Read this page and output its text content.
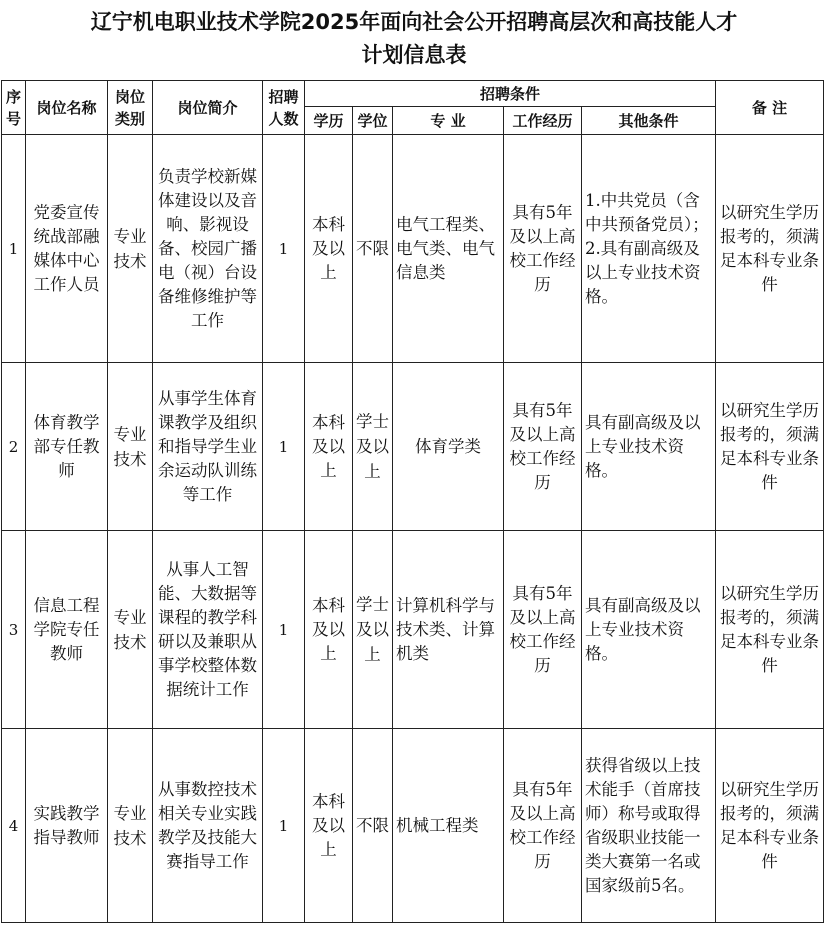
辽宁机电职业技术学院2025年面向社会公开招聘高层次和高技能人才
计划信息表
序号	岗位名称	岗位类别	岗位简介	招聘人数	招聘条件					备 注
					学历	学位	专 业	工作经历	其他条件	
1	党委宣传统战部融媒体中心工作人员	专业技术	负责学校新媒体建设以及音响、影视设备、校园广播电（视）台设备维修维护等工作	1	本科及以上	不限	电气工程类、电气类、电气信息类	具有5年及以上高校工作经历	1.中共党员（含中共预备党员）；2.具有副高级及以上专业技术资格。	以研究生学历报考的，须满足本科专业条件
2	体育教学部专任教师	专业技术	从事学生体育课教学及组织和指导学生业余运动队训练等工作	1	本科及以上	学士及以上	体育学类	具有5年及以上高校工作经历	具有副高级及以上专业技术资格。	以研究生学历报考的，须满足本科专业条件
3	信息工程学院专任教师	专业技术	从事人工智能、大数据等课程的教学科研以及兼职从事学校整体数据统计工作	1	本科及以上	学士及以上	计算机科学与技术类、计算机类	具有5年及以上高校工作经历	具有副高级及以上专业技术资格。	以研究生学历报考的，须满足本科专业条件
4	实践教学指导教师	专业技术	从事数控技术相关专业实践教学及技能大赛指导工作	1	本科及以上	不限	机械工程类	具有5年及以上高校工作经历	获得省级以上技术能手（首席技师）称号或取得省级职业技能一类大赛第一名或国家级前5名。	以研究生学历报考的，须满足本科专业条件
